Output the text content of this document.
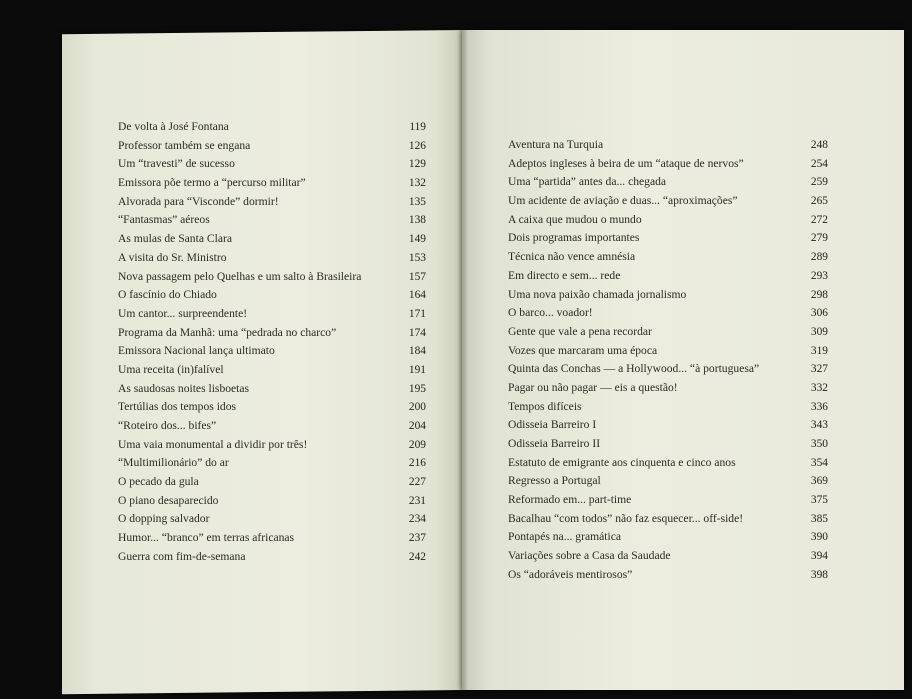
De volta à José Fontana	119
Professor também se engana	126
Um “travesti” de sucesso	129
Emissora põe termo a “percurso militar”	132
Alvorada para “Visconde” dormir!	135
“Fantasmas” aéreos	138
As mulas de Santa Clara	149
A visita do Sr. Ministro	153
Nova passagem pelo Quelhas e um salto à Brasileira	157
O fascínio do Chiado	164
Um cantor... surpreendente!	171
Programa da Manhã: uma “pedrada no charco”	174
Emissora Nacional lança ultimato	184
Uma receita (in)falível	191
As saudosas noites lisboetas	195
Tertúlias dos tempos idos	200
“Roteiro dos... bifes”	204
Uma vaia monumental a dividir por três!	209
“Multimilionário” do ar	216
O pecado da gula	227
O piano desaparecido	231
O dopping salvador	234
Humor... “branco” em terras africanas	237
Guerra com fim-de-semana	242
Aventura na Turquia	248
Adeptos ingleses à beira de um “ataque de nervos”	254
Uma “partida” antes da... chegada	259
Um acidente de aviação e duas... “aproximações”	265
A caixa que mudou o mundo	272
Dois programas importantes	279
Técnica não vence amnésia	289
Em directo e sem... rede	293
Uma nova paixão chamada jornalismo	298
O barco... voador!	306
Gente que vale a pena recordar	309
Vozes que marcaram uma época	319
Quinta das Conchas — a Hollywood... “à portuguesa”	327
Pagar ou não pagar — eis a questão!	332
Tempos difíceis	336
Odisseia Barreiro I	343
Odisseia Barreiro II	350
Estatuto de emigrante aos cinquenta e cinco anos	354
Regresso a Portugal	369
Reformado em... part-time	375
Bacalhau “com todos” não faz esquecer... off-side!	385
Pontapés na... gramática	390
Variações sobre a Casa da Saudade	394
Os “adoráveis mentirosos”	398
